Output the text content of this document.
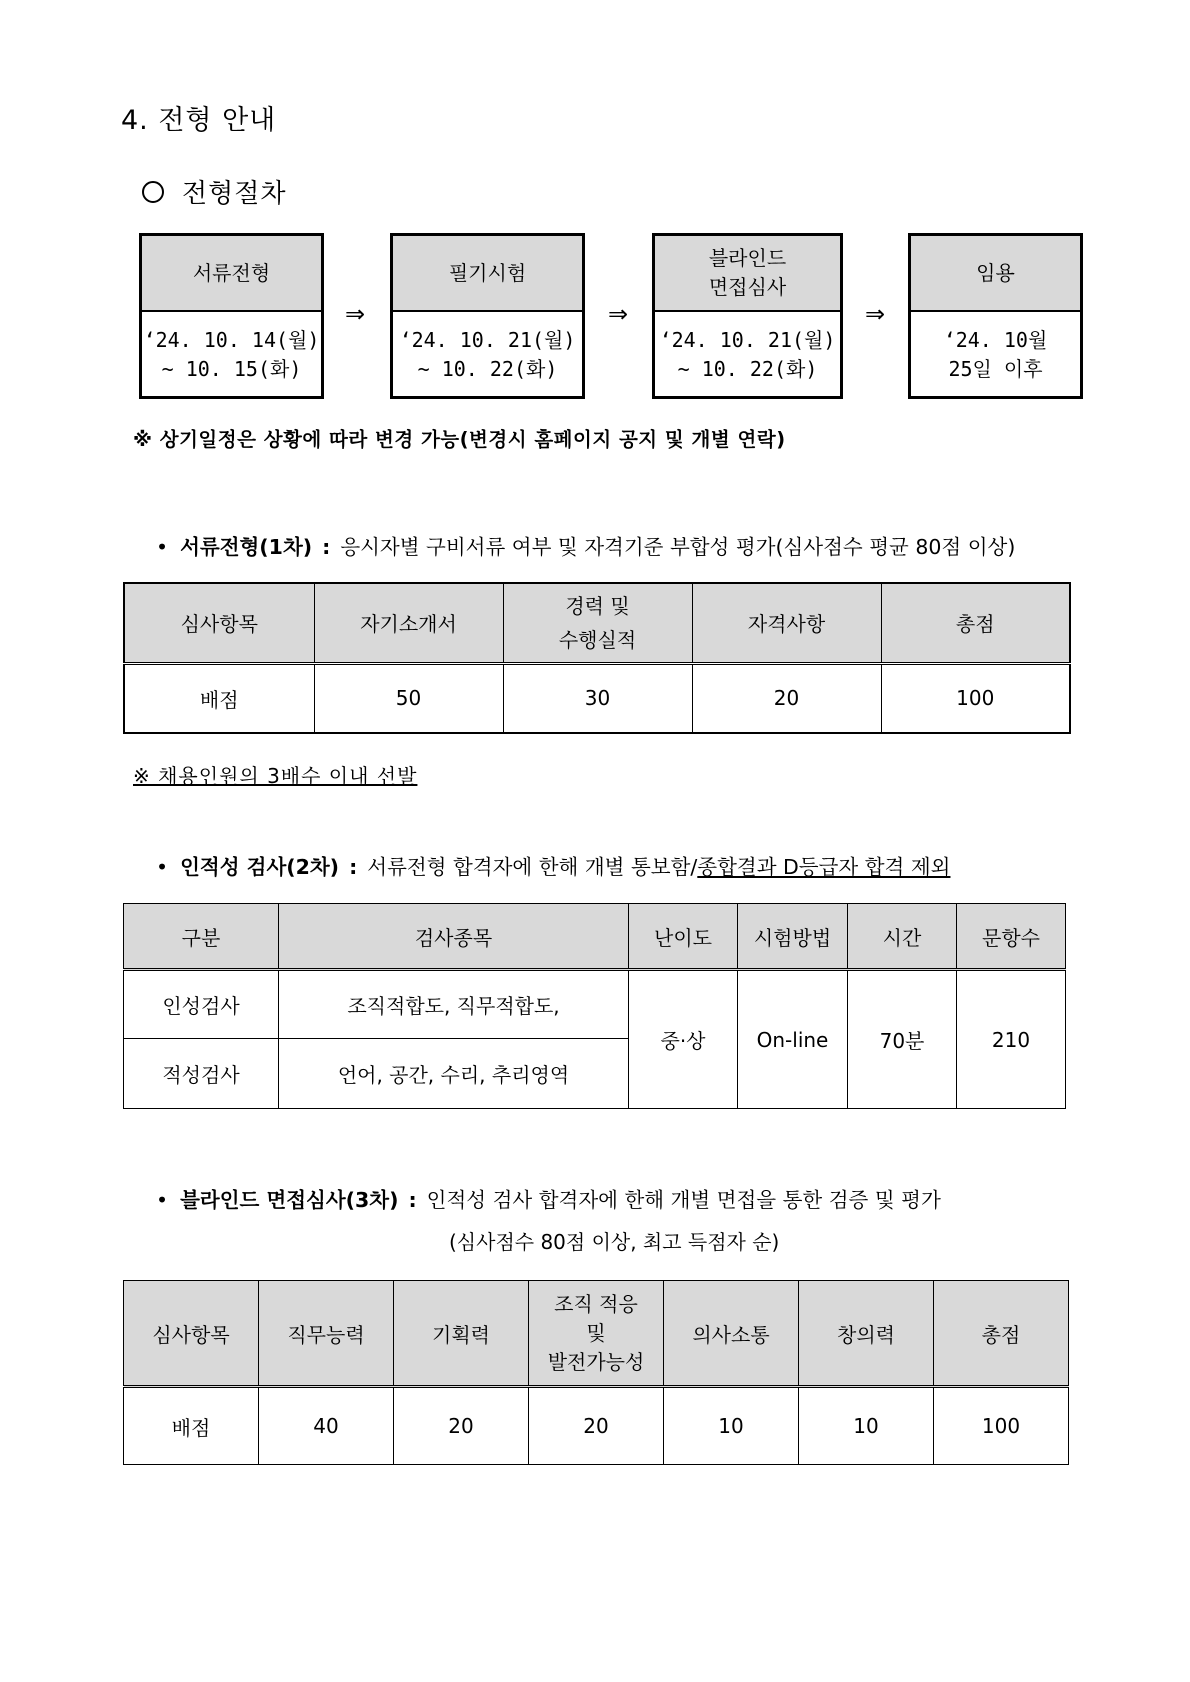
4. 전형 안내
전형절차
서류전형
‘24. 10. 14(월)
~ 10. 15(화)
⇒
필기시험
‘24. 10. 21(월)
~ 10. 22(화)
⇒
블라인드
면접심사
‘24. 10. 21(월)
~ 10. 22(화)
⇒
임용
‘24. 10월
25일 이후
※ 상기일정은 상황에 따라 변경 가능(변경시 홈페이지 공지 및 개별 연락)
• 서류전형(1차) : 응시자별 구비서류 여부 및 자격기준 부합성 평가(심사점수 평균 80점 이상)
심사항목	자기소개서	경력 및
수행실적	자격사항	총점
배점	50	30	20	100
※ 채용인원의 3배수 이내 선발
• 인적성 검사(2차) : 서류전형 합격자에 한해 개별 통보함/ 종합결과 D등급자 합격 제외
구분	검사종목	난이도	시험방법	시간	문항수
인성검사	조직적합도, 직무적합도,	중·상	On-line	70분	210
적성검사	언어, 공간, 수리, 추리영역				
• 블라인드 면접심사(3차) : 인적성 검사 합격자에 한해 개별 면접을 통한 검증 및 평가
(심사점수 80점 이상, 최고 득점자 순)
심사항목	직무능력	기획력	조직 적응
및
발전가능성	의사소통	창의력	총점
배점	40	20	20	10	10	100
